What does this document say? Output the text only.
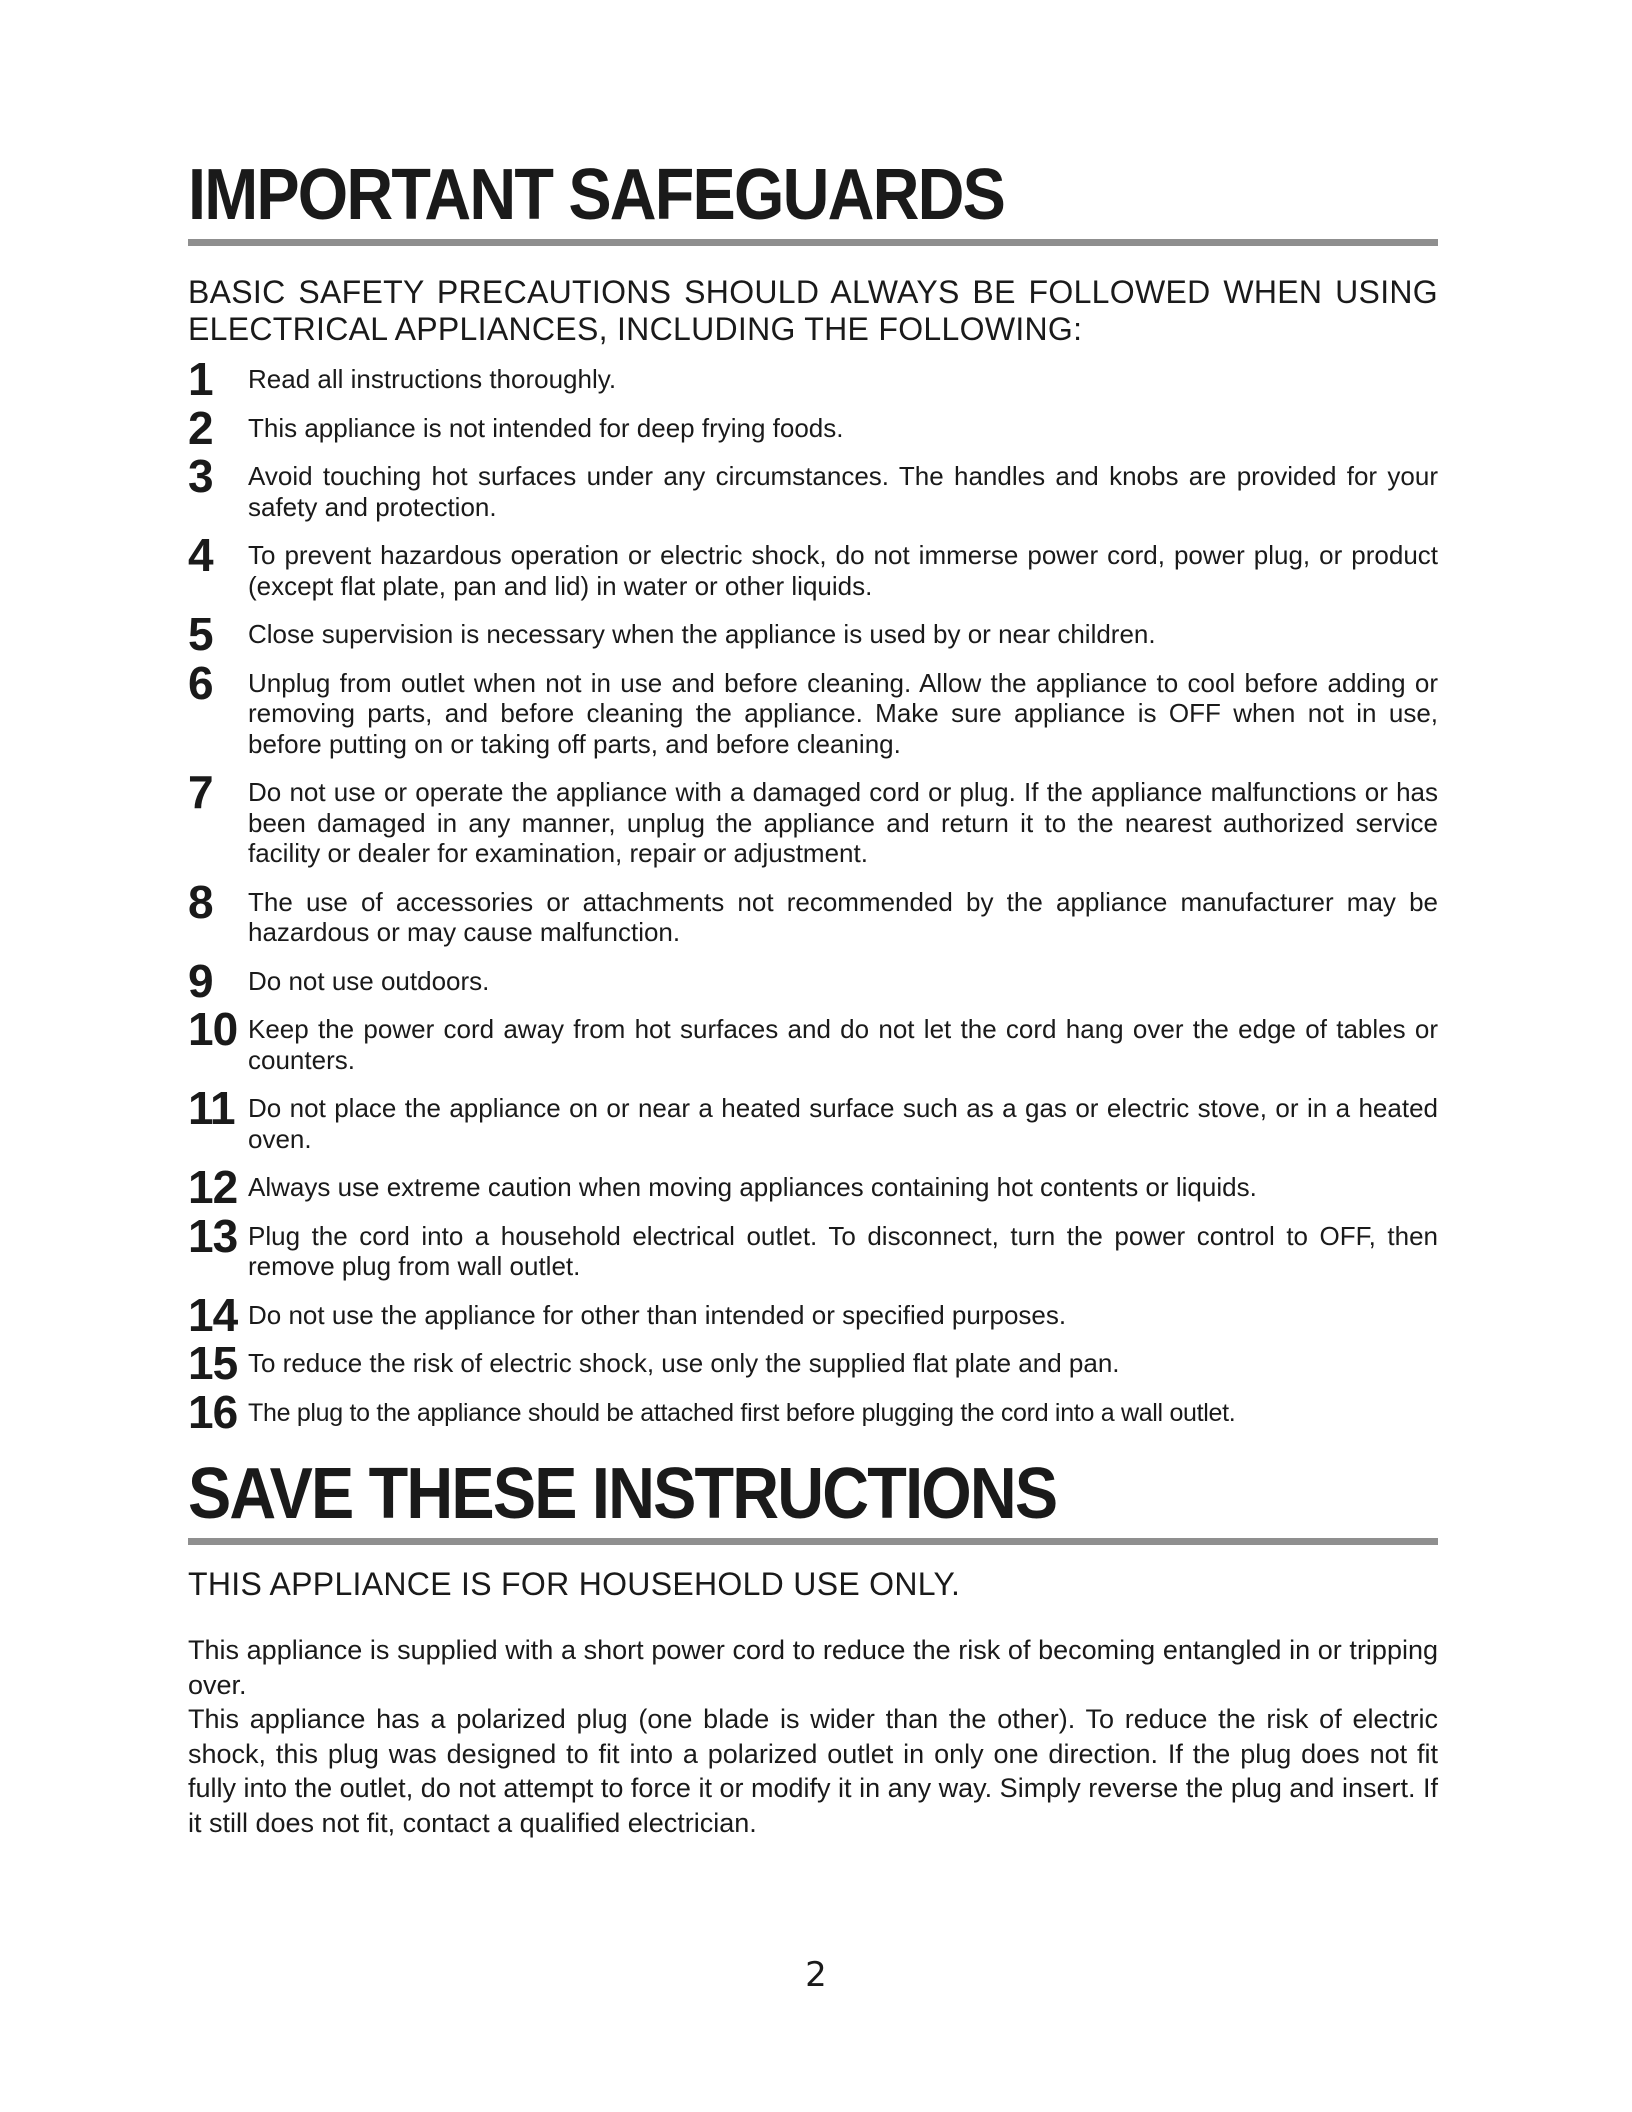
IMPORTANT SAFEGUARDS
BASIC SAFETY PRECAUTIONS SHOULD ALWAYS BE FOLLOWED WHEN USING ELECTRICAL APPLIANCES, INCLUDING THE FOLLOWING:
1	Read all instructions thoroughly.
2	This appliance is not intended for deep frying foods.
3	Avoid touching hot surfaces under any circumstances. The handles and knobs are provided for your safety and protection.
4	To prevent hazardous operation or electric shock, do not immerse power cord, power plug, or product (except flat plate, pan and lid) in water or other liquids.
5	Close supervision is necessary when the appliance is used by or near children.
6	Unplug from outlet when not in use and before cleaning. Allow the appliance to cool before adding or removing parts, and before cleaning the appliance. Make sure appliance is OFF when not in use, before putting on or taking off parts, and before cleaning.
7	Do not use or operate the appliance with a damaged cord or plug. If the appliance malfunctions or has been damaged in any manner, unplug the appliance and return it to the nearest authorized service facility or dealer for examination, repair or adjustment.
8	The use of accessories or attachments not recommended by the appliance manufacturer may be hazardous or may cause malfunction.
9	Do not use outdoors.
10 Keep the power cord away from hot surfaces and do not let the cord hang over the edge of tables or counters.
11 Do not place the appliance on or near a heated surface such as a gas or electric stove, or in a heated oven.
12 Always use extreme caution when moving appliances containing hot contents or liquids.
13 Plug the cord into a household electrical outlet. To disconnect, turn the power control to OFF, then remove plug from wall outlet.
14 Do not use the appliance for other than intended or specified purposes.
15 To reduce the risk of electric shock, use only the supplied flat plate and pan.
16 The plug to the appliance should be attached first before plugging the cord into a wall outlet.
SAVE THESE INSTRUCTIONS
THIS APPLIANCE IS FOR HOUSEHOLD USE ONLY.

This appliance is supplied with a short power cord to reduce the risk of becoming entangled in or tripping over.

This appliance has a polarized plug (one blade is wider than the other). To reduce the risk of electric shock, this plug was designed to fit into a polarized outlet in only one direction. If the plug does not fit fully into the outlet, do not attempt to force it or modify it in any way. Simply reverse the plug and insert. If it still does not fit, contact a qualified electrician.

2
